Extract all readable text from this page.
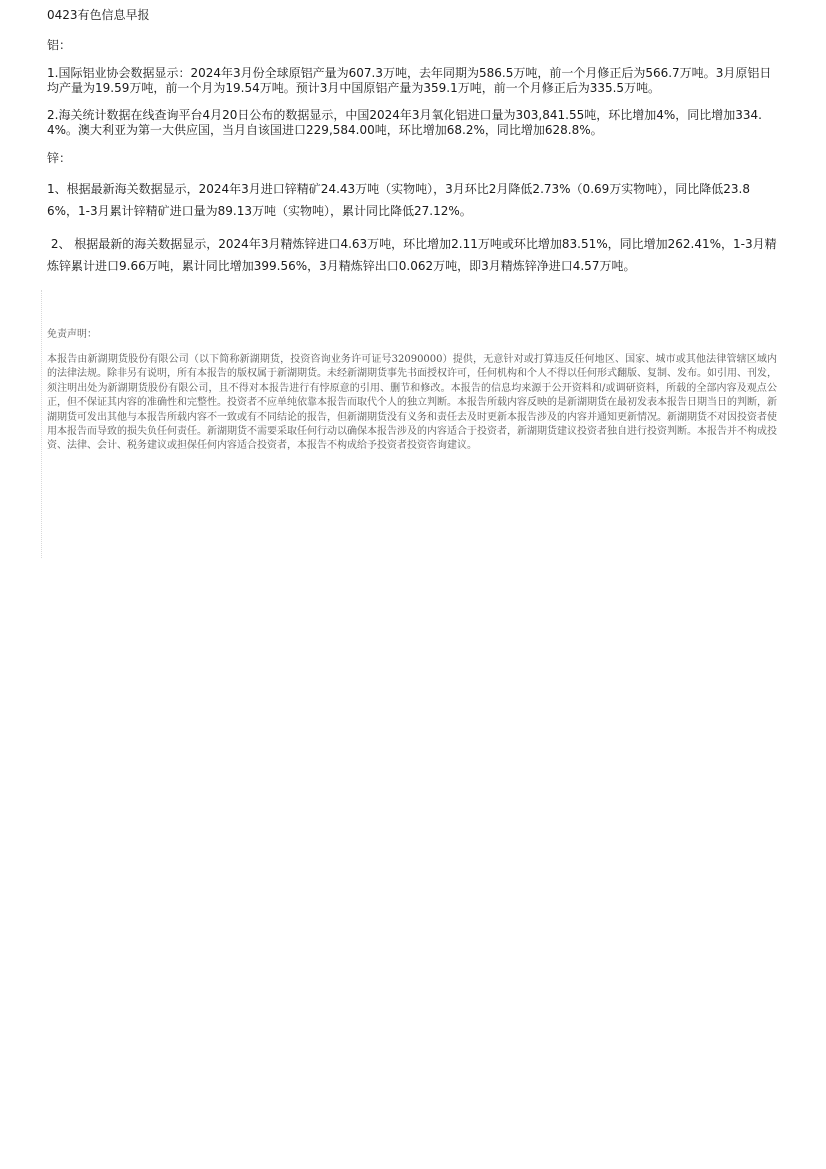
0423有色信息早报

铝：

1.国际铝业协会数据显示：2024年3月份全球原铝产量为607.3万吨，去年同期为586.5万吨，前一个月修正后为566.7万吨。3月原铝日均产量为19.59万吨，前一个月为19.54万吨。预计3月中国原铝产量为359.1万吨，前一个月修正后为335.5万吨。

2.海关统计数据在线查询平台4月20日公布的数据显示，中国2024年3月氧化铝进口量为303,841.55吨，环比增加4%，同比增加334.4%。澳大利亚为第一大供应国，当月自该国进口229,584.00吨，环比增加68.2%，同比增加628.8%。

锌：

1、根据最新海关数据显示，2024年3月进口锌精矿24.43万吨（实物吨），3月环比2月降低2.73%（0.69万实物吨），同比降低23.86%，1-3月累计锌精矿进口量为89.13万吨（实物吨），累计同比降低27.12%。

2、 根据最新的海关数据显示，2024年3月精炼锌进口4.63万吨，环比增加2.11万吨或环比增加83.51%，同比增加262.41%，1-3月精炼锌累计进口9.66万吨，累计同比增加399.56%，3月精炼锌出口0.062万吨，即3月精炼锌净进口4.57万吨。

免责声明：

本报告由新湖期货股份有限公司（以下简称新湖期货，投资咨询业务许可证号32090000）提供，无意针对或打算违反任何地区、国家、城市或其他法律管辖区域内的法律法规。除非另有说明，所有本报告的版权属于新湖期货。未经新湖期货事先书面授权许可，任何机构和个人不得以任何形式翻版、复制、发布。如引用、刊发，须注明出处为新湖期货股份有限公司，且不得对本报告进行有悖原意的引用、删节和修改。本报告的信息均来源于公开资料和/或调研资料，所载的全部内容及观点公正，但不保证其内容的准确性和完整性。投资者不应单纯依靠本报告而取代个人的独立判断。本报告所载内容反映的是新湖期货在最初发表本报告日期当日的判断，新湖期货可发出其他与本报告所载内容不一致或有不同结论的报告，但新湖期货没有义务和责任去及时更新本报告涉及的内容并通知更新情况。新湖期货不对因投资者使用本报告而导致的损失负任何责任。新湖期货不需要采取任何行动以确保本报告涉及的内容适合于投资者，新湖期货建议投资者独自进行投资判断。本报告并不构成投资、法律、会计、税务建议或担保任何内容适合投资者，本报告不构成给予投资者投资咨询建议。
